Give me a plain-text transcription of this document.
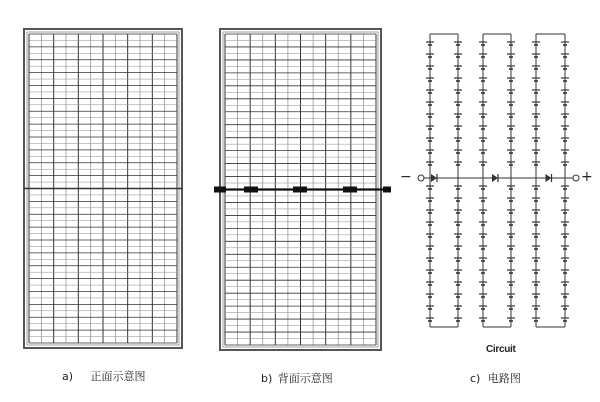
−	+
Circuit
a) 正面示意图	b) 背面示意图	c) 电路图
